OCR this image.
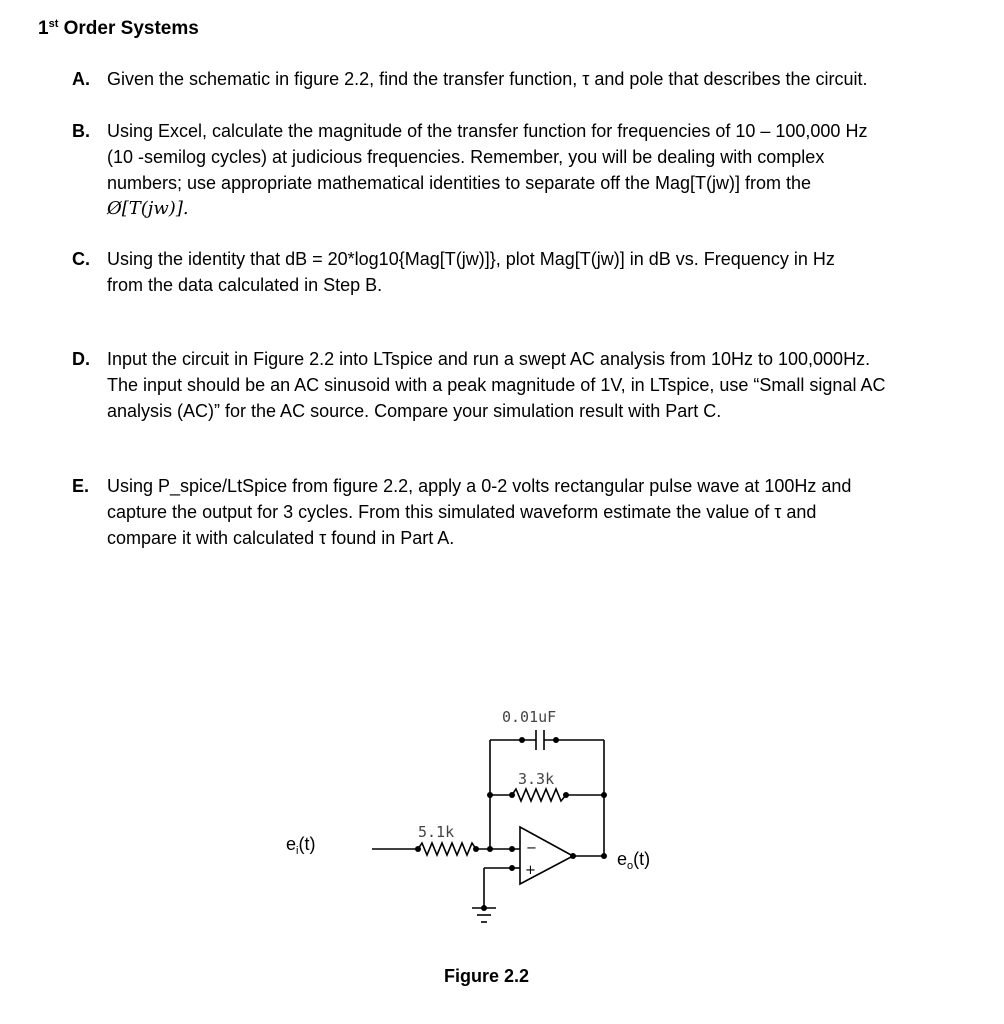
1st Order Systems
A. Given the schematic in figure 2.2, find the transfer function, τ and pole that describes the circuit.
B. Using Excel, calculate the magnitude of the transfer function for frequencies of 10 – 100,000 Hz
(10 -semilog cycles) at judicious frequencies. Remember, you will be dealing with complex
numbers; use appropriate mathematical identities to separate off the Mag[T(jw)] from the
Ø[T(jw)].
C. Using the identity that dB = 20*log10{Mag[T(jw)]}, plot Mag[T(jw)] in dB vs. Frequency in Hz
from the data calculated in Step B.
D. Input the circuit in Figure 2.2 into LTspice and run a swept AC analysis from 10Hz to 100,000Hz.
The input should be an AC sinusoid with a peak magnitude of 1V, in LTspice, use “Small signal AC
analysis (AC)” for the AC source. Compare your simulation result with Part C.
E. Using P_spice/LtSpice from figure 2.2, apply a 0-2 volts rectangular pulse wave at 100Hz and
capture the output for 3 cycles. From this simulated waveform estimate the value of τ and
compare it with calculated τ found in Part A.
0.01uF
3.3k
5.1k
−
+
$e_i(t)$
$e_o(t)$
Figure 2.2
